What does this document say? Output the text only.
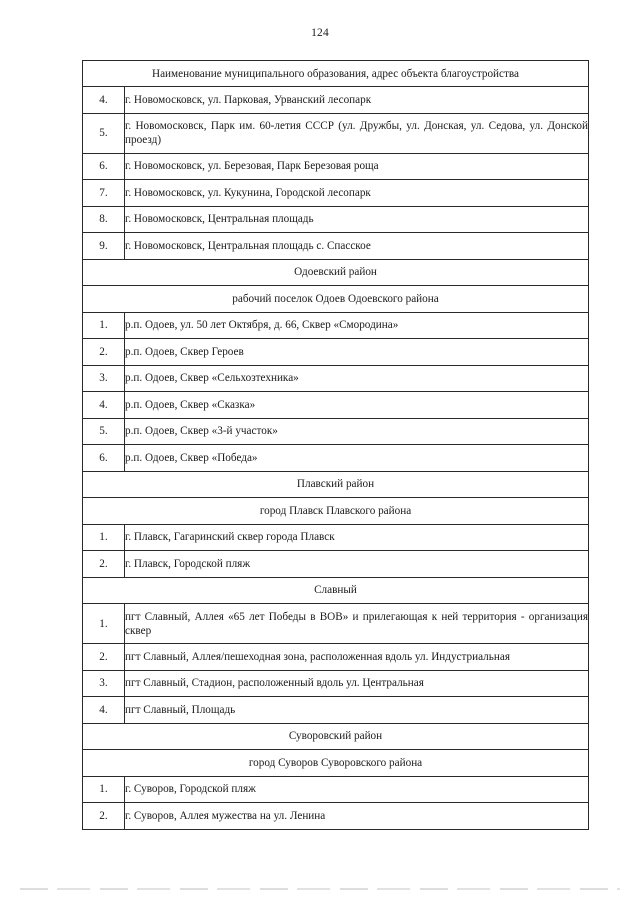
124
Наименование муниципального образования, адрес объекта благоустройства	
4.	г. Новомосковск, ул. Парковая, Урванский лесопарк
5.	г. Новомосковск, Парк им. 60-летия СССР (ул. Дружбы, ул. Донская, ул. Седова, ул. Донской проезд)
6.	г. Новомосковск, ул. Березовая, Парк Березовая роща
7.	г. Новомосковск, ул. Кукунина, Городской лесопарк
8.	г. Новомосковск, Центральная площадь
9.	г. Новомосковск, Центральная площадь с. Спасское
Одоевский район	
рабочий поселок Одоев Одоевского района	
1.	р.п. Одоев, ул. 50 лет Октября, д. 66, Сквер «Смородина»
2.	р.п. Одоев, Сквер Героев
3.	р.п. Одоев, Сквер «Сельхозтехника»
4.	р.п. Одоев, Сквер «Сказка»
5.	р.п. Одоев, Сквер «3-й участок»
6.	р.п. Одоев, Сквер «Победа»
Плавский район	
город Плавск Плавского района	
1.	г. Плавск, Гагаринский сквер города Плавск
2.	г. Плавск, Городской пляж
Славный	
1.	пгт Славный, Аллея «65 лет Победы в ВОВ» и прилегающая к ней территория - организация сквер
2.	пгт Славный, Аллея/пешеходная зона, расположенная вдоль ул. Индустриальная
3.	пгт Славный, Стадион, расположенный вдоль ул. Центральная
4.	пгт Славный, Площадь
Суворовский район	
город Суворов Суворовского района	
1.	г. Суворов, Городской пляж
2.	г. Суворов, Аллея мужества на ул. Ленина
